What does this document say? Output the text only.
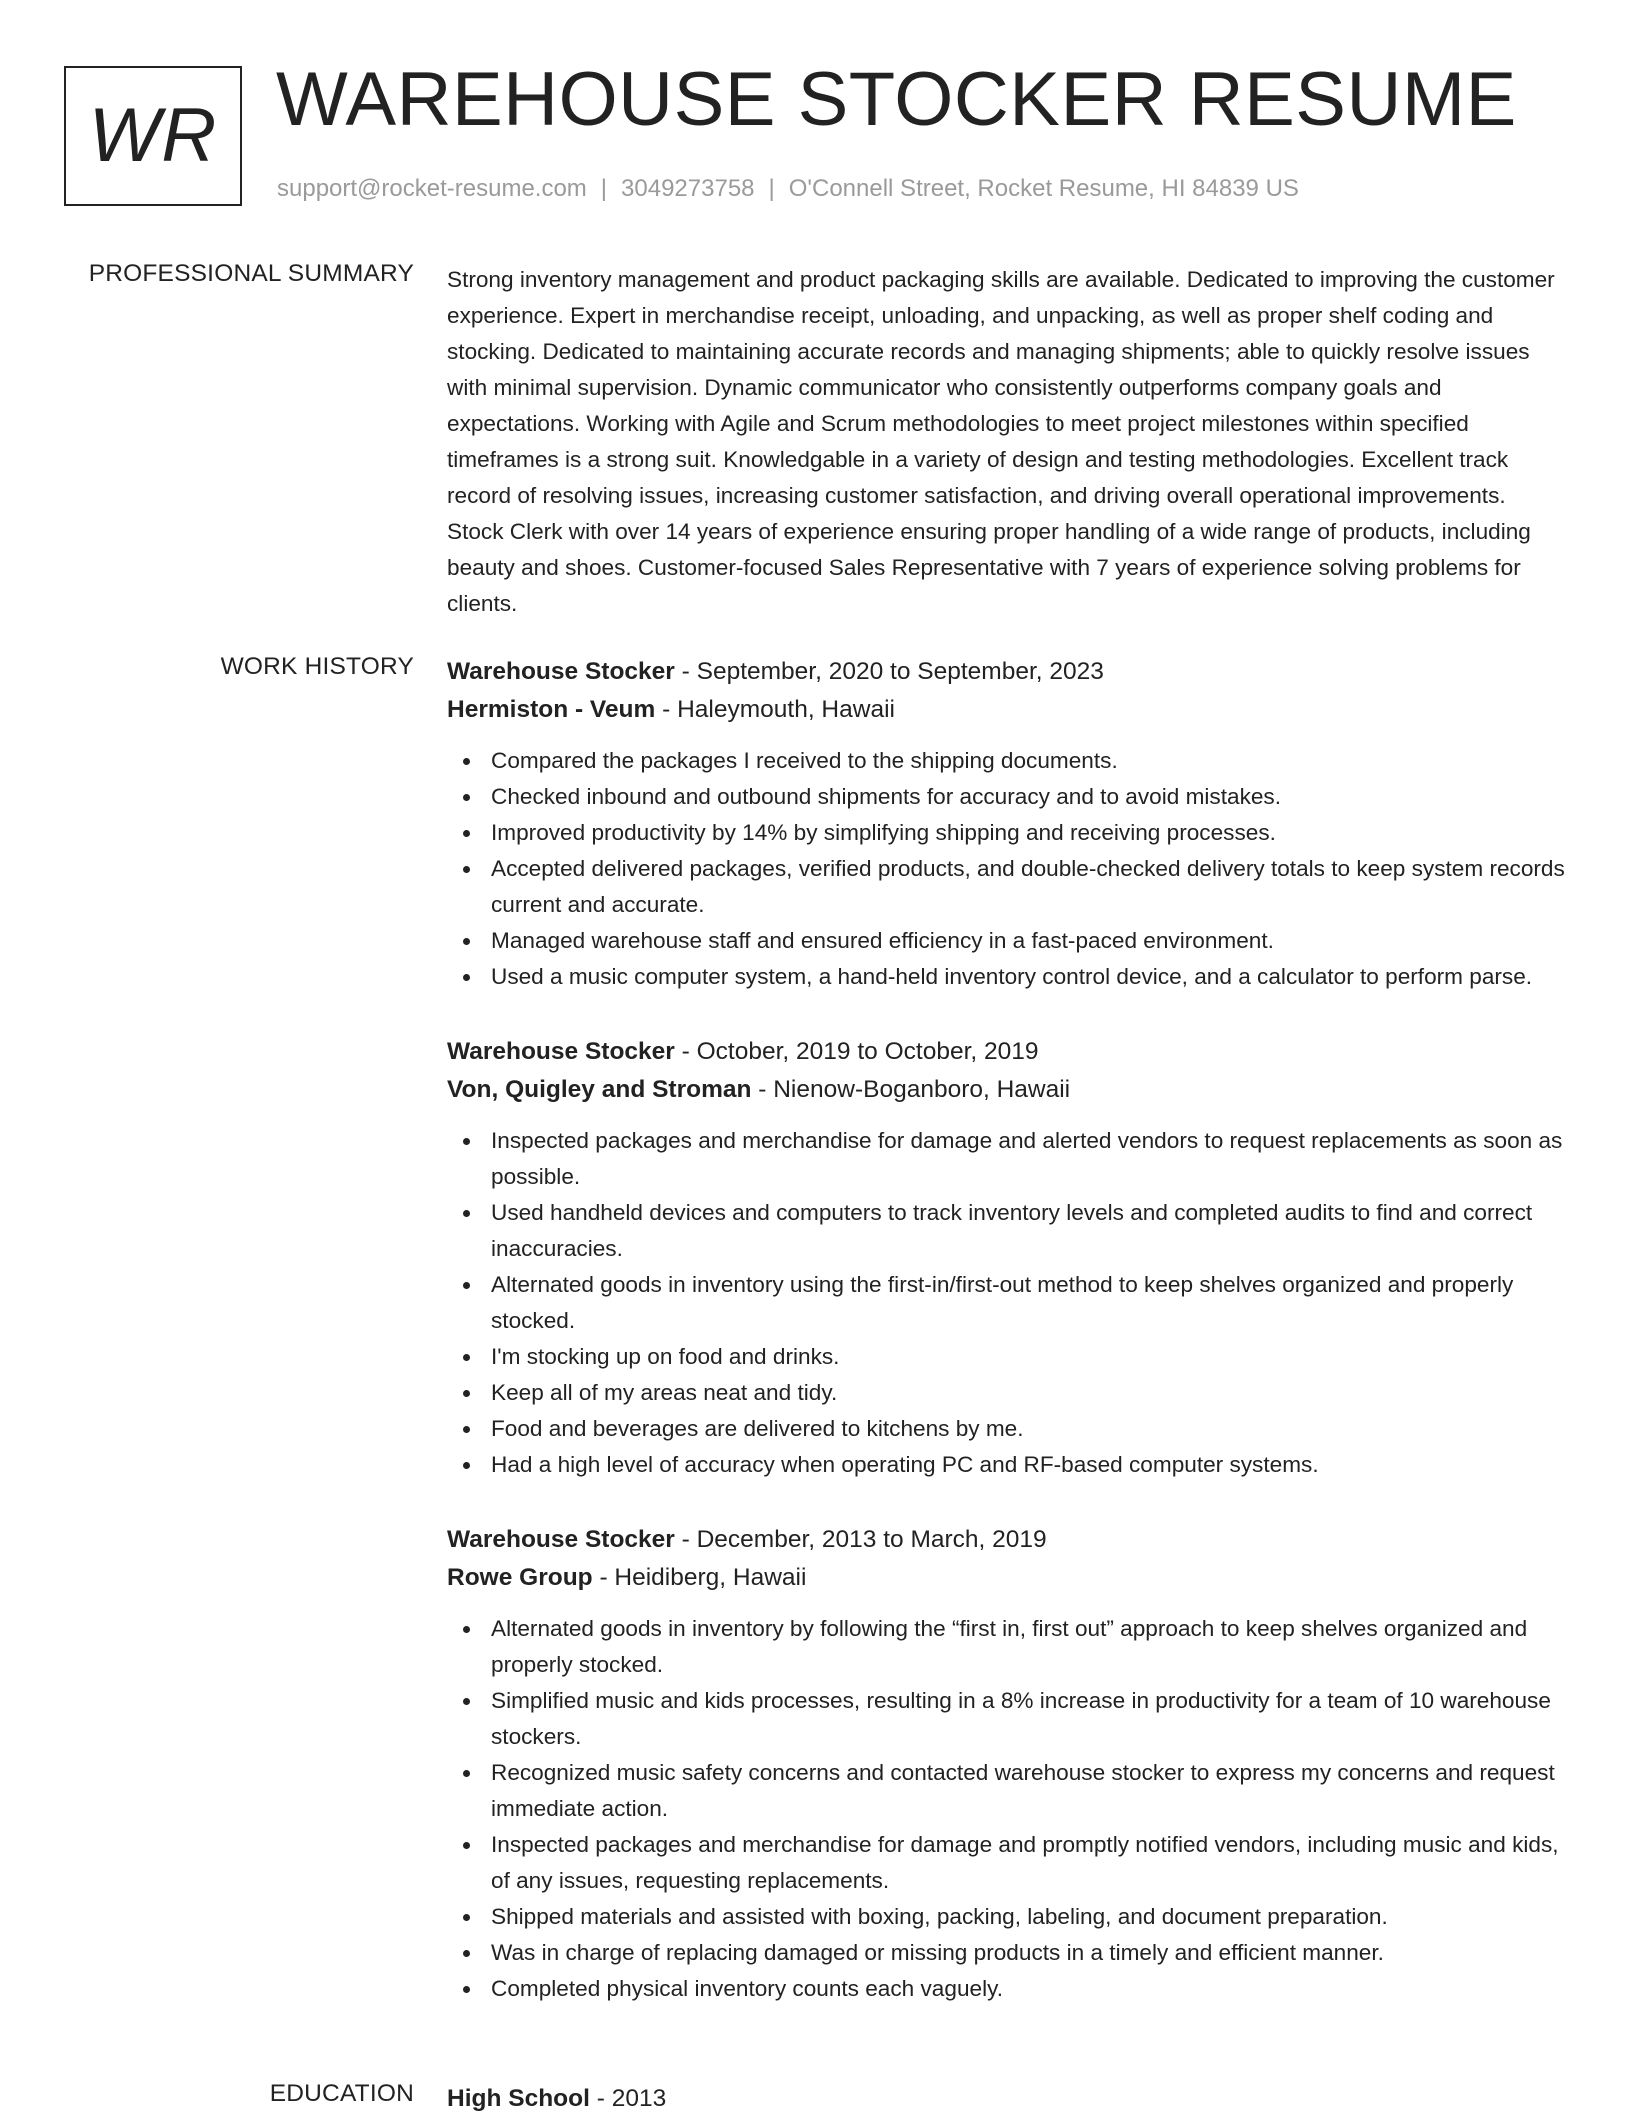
WR WAREHOUSE STOCKER RESUME
support@rocket-resume.com | 3049273758 | O'Connell Street, Rocket Resume, HI 84839 US
PROFESSIONAL SUMMARY Strong inventory management and product packaging skills are available. Dedicated to improving the customer experience. Expert in merchandise receipt, unloading, and unpacking, as well as proper shelf coding and stocking. Dedicated to maintaining accurate records and managing shipments; able to quickly resolve issues with minimal supervision. Dynamic communicator who consistently outperforms company goals and expectations. Working with Agile and Scrum methodologies to meet project milestones within specified timeframes is a strong suit. Knowledgable in a variety of design and testing methodologies. Excellent track record of resolving issues, increasing customer satisfaction, and driving overall operational improvements. Stock Clerk with over 14 years of experience ensuring proper handling of a wide range of products, including beauty and shoes. Customer-focused Sales Representative with 7 years of experience solving problems for clients.

WORK HISTORY Warehouse Stocker - September, 2020 to September, 2023
Hermiston - Veum - Haleymouth, Hawaii
Compared the packages I received to the shipping documents.
Checked inbound and outbound shipments for accuracy and to avoid mistakes.
Improved productivity by 14% by simplifying shipping and receiving processes.
Accepted delivered packages, verified products, and double-checked delivery totals to keep system records current and accurate.
Managed warehouse staff and ensured efficiency in a fast-paced environment.
Used a music computer system, a hand-held inventory control device, and a calculator to perform parse.
Warehouse Stocker - October, 2019 to October, 2019
Von, Quigley and Stroman - Nienow-Boganboro, Hawaii
Inspected packages and merchandise for damage and alerted vendors to request replacements as soon as possible.
Used handheld devices and computers to track inventory levels and completed audits to find and correct inaccuracies.
Alternated goods in inventory using the first-in/first-out method to keep shelves organized and properly stocked.
I'm stocking up on food and drinks.
Keep all of my areas neat and tidy.
Food and beverages are delivered to kitchens by me.
Had a high level of accuracy when operating PC and RF-based computer systems.
Warehouse Stocker - December, 2013 to March, 2019
Rowe Group - Heidiberg, Hawaii
Alternated goods in inventory by following the “first in, first out” approach to keep shelves organized and properly stocked.
Simplified music and kids processes, resulting in a 8% increase in productivity for a team of 10 warehouse stockers.
Recognized music safety concerns and contacted warehouse stocker to express my concerns and request immediate action.
Inspected packages and merchandise for damage and promptly notified vendors, including music and kids, of any issues, requesting replacements.
Shipped materials and assisted with boxing, packing, labeling, and document preparation.
Was in charge of replacing damaged or missing products in a timely and efficient manner.
Completed physical inventory counts each vaguely.
EDUCATION High School - 2013
